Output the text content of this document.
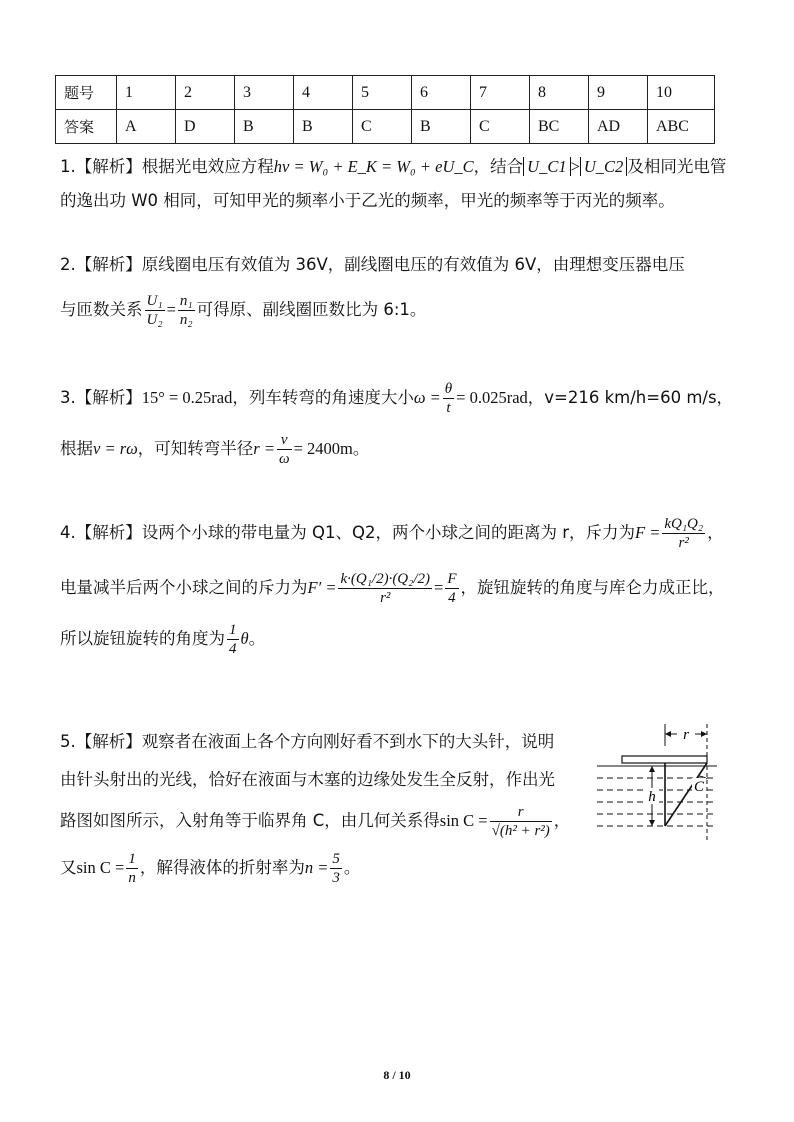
题号	1	2	3	4	5	6	7	8	9	10
答案	A	D	B	B	C	B	C	BC	AD	ABC
1.【解析】根据光电效应方程hν = W₀ + E_K = W₀ + eU_C，结合 U_C1 > U_C2 及相同光电管
的逸出功 W0 相同，可知甲光的频率小于乙光的频率，甲光的频率等于丙光的频率。
2.【解析】原线圈电压有效值为 36V，副线圈电压的有效值为 6V，由理想变压器电压
与匝数关系 $\frac{\text{U₁}}{\text{U₂}} = \frac{\text{n₁}}{\text{n₂}}$ 可得原、副线圈匝数比为 6:1。
3.【解析】15° = 0.25rad，列车转弯的角速度大小$\omega = \frac{\theta}{t} = 0.025rad$，v=216 km/h=60 m/s，
根据v = rω，可知转弯半径$r = \frac{v}{\omega} = 2400m$。
4.【解析】设两个小球的带电量为 Q1、Q2，两个小球之间的距离为 r，斥力为$F = \frac{\text{kQ₁Q₂}}{\text{r²}}$ ，
电量减半后两个小球之间的斥力为$F' = \frac{\text{k·(Q₁/2)·(Q₂/2)}}{\text{r²}} = \frac{F}{4}$ ，旋钮旋转的角度与库仑力成正比，
所以旋钮旋转的角度为 $\frac{1}{4}$ θ。
5.【解析】观察者在液面上各个方向刚好看不到水下的大头针，说明
由针头射出的光线，恰好在液面与木塞的边缘处发生全反射，作出光
路图如图所示，入射角等于临界角 C，由几何关系得$\sin C = \frac{r}{\text{√(h² + r²)}}$ ，
又$\sin C = \frac{1}{n}$ ，解得液体的折射率为$n = \frac{5}{3}$ 。
r
h
C
8 / 10
